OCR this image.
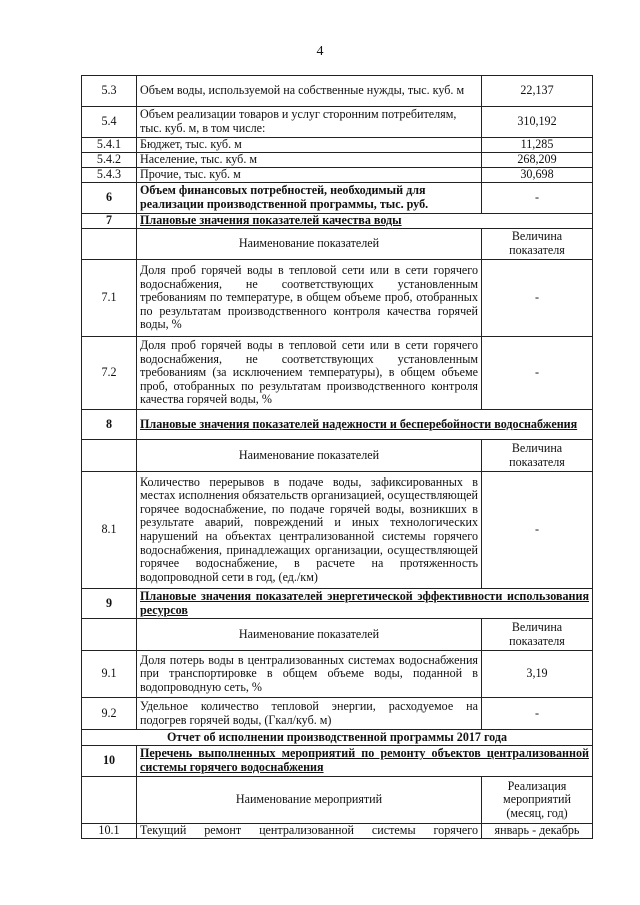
4
5.3	Объем воды, используемой на собственные нужды, тыс. куб. м	22,137
5.4	Объем реализации товаров и услуг сторонним потребителям, тыс. куб. м, в том числе:	310,192
5.4.1	Бюджет, тыс. куб. м	11,285
5.4.2	Население, тыс. куб. м	268,209
5.4.3	Прочие, тыс. куб. м	30,698
6	Объем финансовых потребностей, необходимый для реализации производственной программы, тыс. руб.	-
7	Плановые значения показателей качества воды	
	Наименование показателей	Величина показателя
7.1	Доля проб горячей воды в тепловой сети или в сети горячего водоснабжения, не соответствующих установленным требованиям по температуре, в общем объеме проб, отобранных по результатам производственного контроля качества горячей воды, %	-
7.2	Доля проб горячей воды в тепловой сети или в сети горячего водоснабжения, не соответствующих установленным требованиям (за исключением температуры), в общем объеме проб, отобранных по результатам производственного контроля качества горячей воды, %	-
8	Плановые значения показателей надежности и бесперебойности водоснабжения	
	Наименование показателей	Величина показателя
8.1	Количество перерывов в подаче воды, зафиксированных в местах исполнения обязательств организацией, осуществляющей горячее водоснабжение, по подаче горячей воды, возникших в результате аварий, повреждений и иных технологических нарушений на объектах централизованной системы горячего водоснабжения, принадлежащих организации, осуществляющей горячее водоснабжение, в расчете на протяженность водопроводной сети в год, (ед./км)	-
9	Плановые значения показателей энергетической эффективности использования ресурсов	
	Наименование показателей	Величина показателя
9.1	Доля потерь воды в централизованных системах водоснабжения при транспортировке в общем объеме воды, поданной в водопроводную сеть, %	3,19
9.2	Удельное количество тепловой энергии, расходуемое на подогрев горячей воды, (Гкал/куб. м)	-
Отчет об исполнении производственной программы 2017 года		
10	Перечень выполненных мероприятий по ремонту объектов централизованной системы горячего водоснабжения	
	Наименование мероприятий	Реализация мероприятий (месяц, год)
10.1	Текущий ремонт централизованной системы горячего	январь - декабрь
